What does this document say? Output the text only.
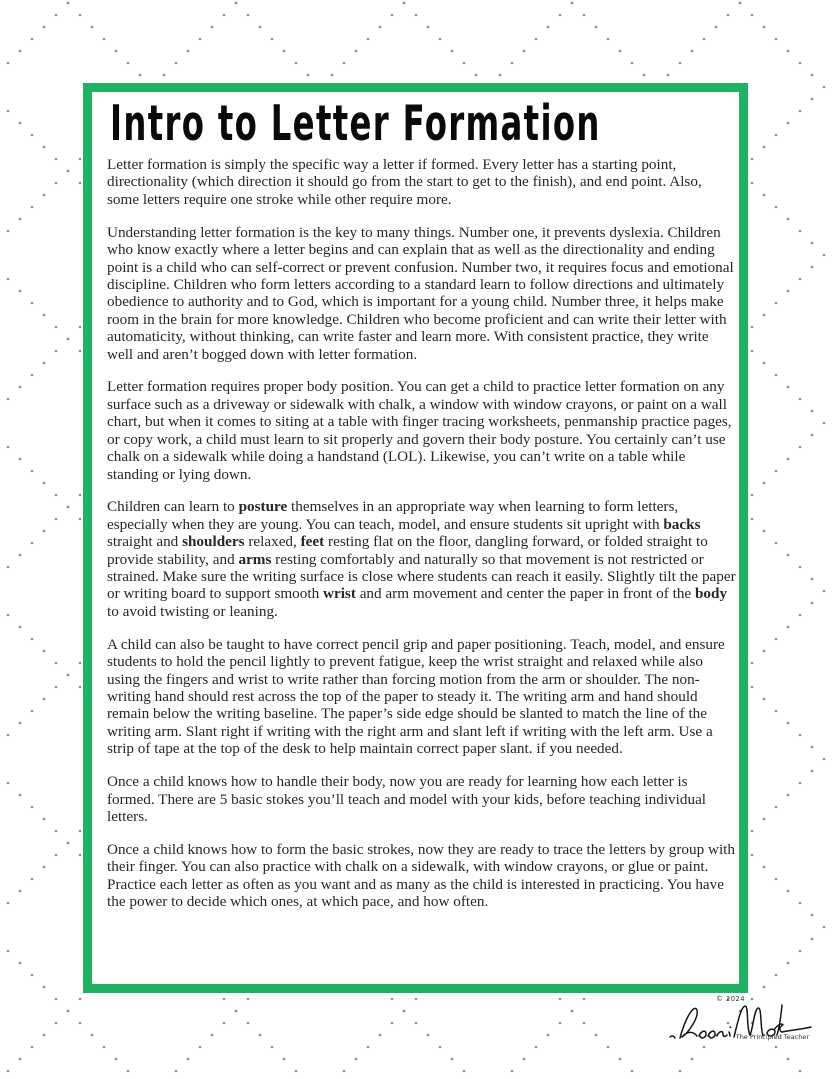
Intro to Letter Formation

Letter formation is simply the specific way a letter if formed. Every letter has a starting point, directionality (which direction it should go from the start to get to the finish), and end point. Also, some letters require one stroke while other require more.

Understanding letter formation is the key to many things. Number one, it prevents dyslexia. Children who know exactly where a letter begins and can explain that as well as the directionality and ending point is a child who can self-correct or prevent confusion. Number two, it requires focus and emotional discipline. Children who form letters according to a standard learn to follow directions and ultimately obedience to authority and to God, which is important for a young child. Number three, it helps make room in the brain for more knowledge. Children who become proficient and can write their letter with automaticity, without thinking, can write faster and learn more. With consistent practice, they write well and aren’t bogged down with letter formation.

Letter formation requires proper body position. You can get a child to practice letter formation on any surface such as a driveway or sidewalk with chalk, a window with window crayons, or paint on a wall chart, but when it comes to siting at a table with finger tracing worksheets, penmanship practice pages, or copy work, a child must learn to sit properly and govern their body posture. You certainly can’t use chalk on a sidewalk while doing a handstand (LOL). Likewise, you can’t write on a table while standing or lying down.

Children can learn to posture themselves in an appropriate way when learning to form letters, especially when they are young. You can teach, model, and ensure students sit upright with backs straight and shoulders relaxed, feet resting flat on the floor, dangling forward, or folded straight to provide stability, and arms resting comfortably and naturally so that movement is not restricted or strained. Make sure the writing surface is close where students can reach it easily. Slightly tilt the paper or writing board to support smooth wrist and arm movement and center the paper in front of the body to avoid twisting or leaning.

A child can also be taught to have correct pencil grip and paper positioning. Teach, model, and ensure students to hold the pencil lightly to prevent fatigue, keep the wrist straight and relaxed while also using the fingers and wrist to write rather than forcing motion from the arm or shoulder. The non-writing hand should rest across the top of the paper to steady it. The writing arm and hand should remain below the writing baseline. The paper’s side edge should be slanted to match the line of the writing arm. Slant right if writing with the right arm and slant left if writing with the left arm. Use a strip of tape at the top of the desk to help maintain correct paper slant. if you needed.

Once a child knows how to handle their body, now you are ready for learning how each letter is formed. There are 5 basic stokes you’ll teach and model with your kids, before teaching individual letters.

Once a child knows how to form the basic strokes, now they are ready to trace the letters by group with their finger. You can also practice with chalk on a sidewalk, with window crayons, or glue or paint. Practice each letter as often as you want and as many as the child is interested in practicing. You have the power to decide which ones, at which pace, and how often.

© 2024
The Principled Teacher
